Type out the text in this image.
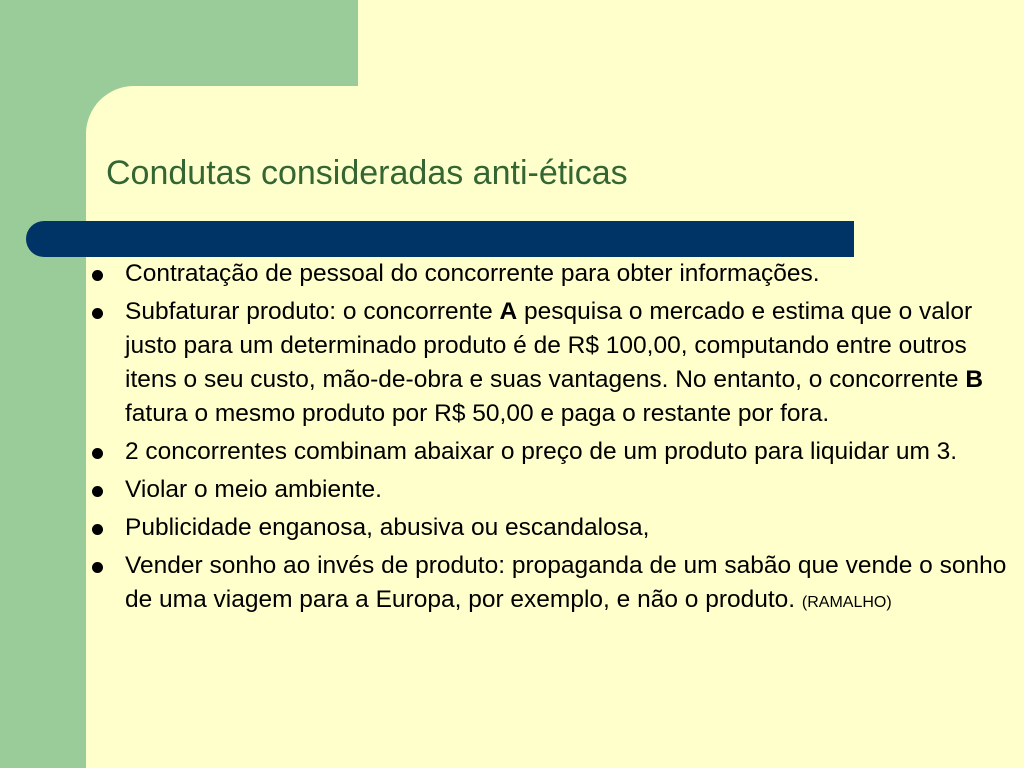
Condutas consideradas anti-éticas
Contratação de pessoal do concorrente para obter informações.
Subfaturar produto: o concorrente A pesquisa o mercado e estima que o valor justo para um determinado produto é de R$ 100,00, computando entre outros itens o seu custo, mão-de-obra e suas vantagens. No entanto, o concorrente B fatura o mesmo produto por R$ 50,00 e paga o restante por fora.
2 concorrentes combinam abaixar o preço de um produto para liquidar um 3.
Violar o meio ambiente.
Publicidade enganosa, abusiva ou escandalosa,
Vender sonho ao invés de produto: propaganda de um sabão que vende o sonho de uma viagem para a Europa, por exemplo, e não o produto. (RAMALHO)
